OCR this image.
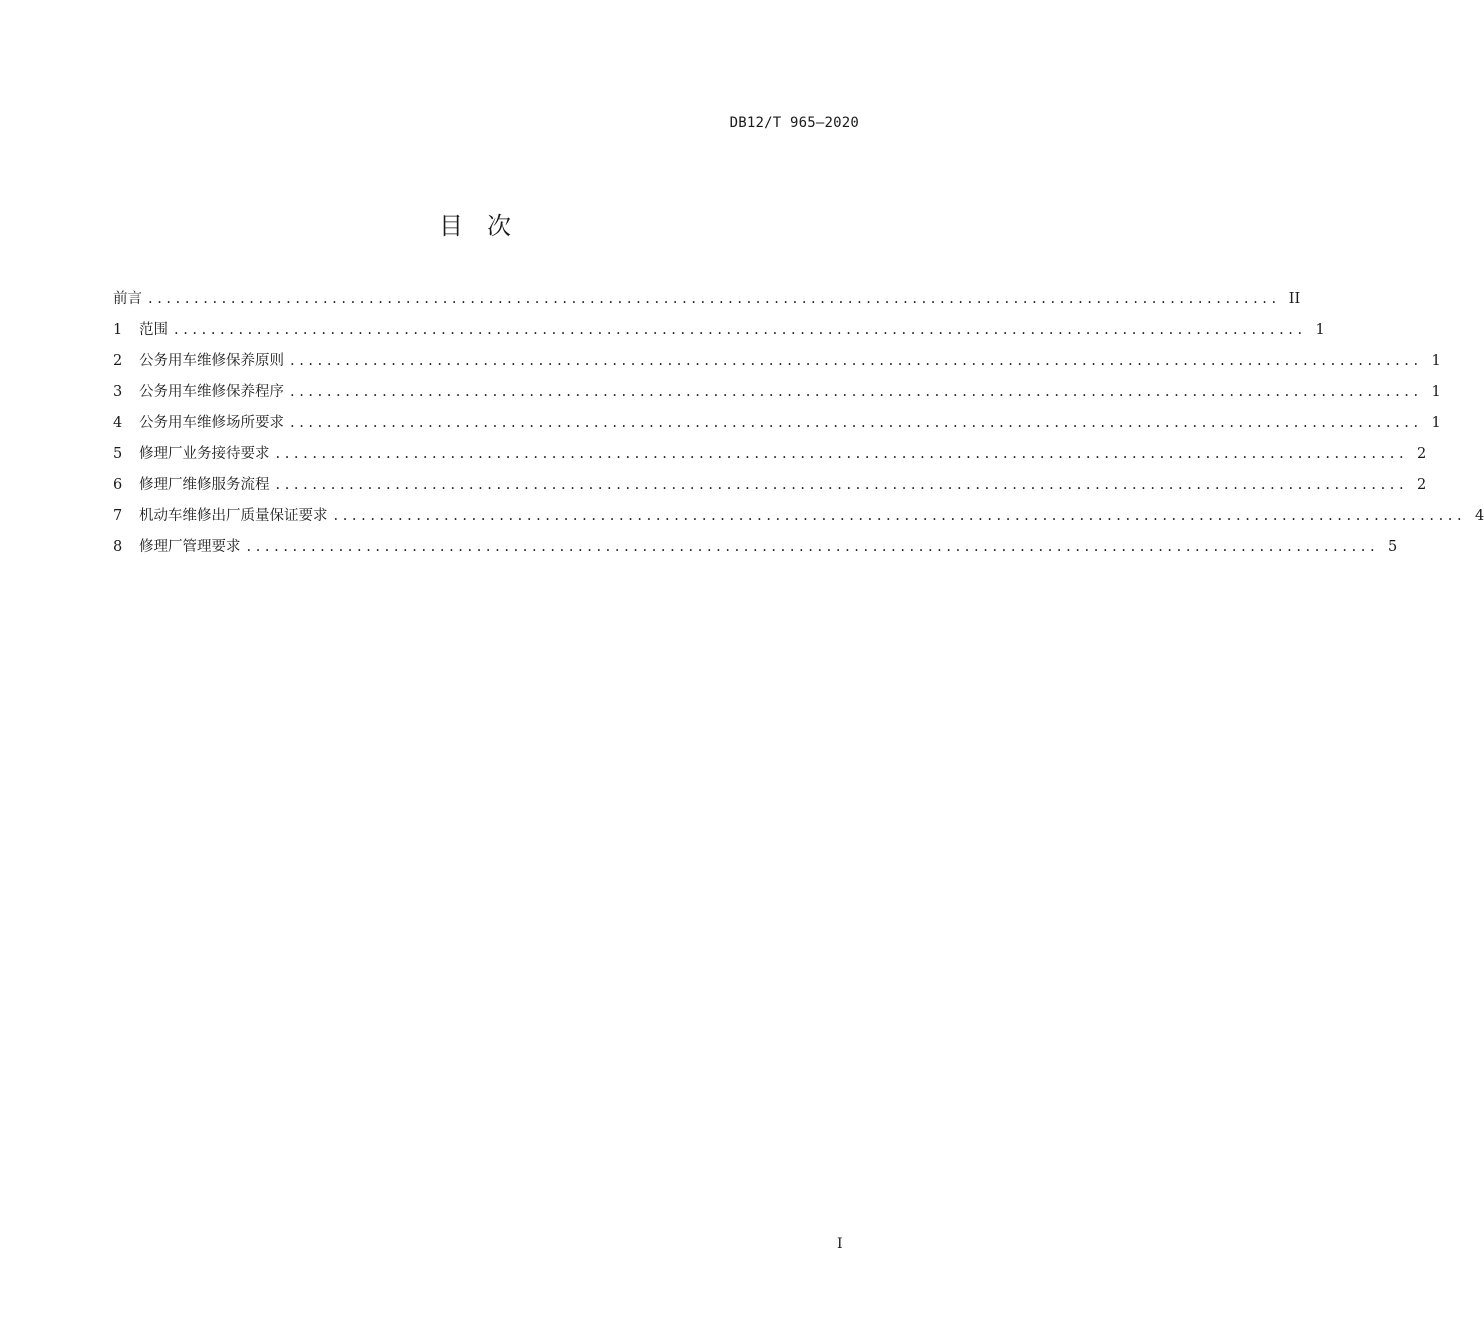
DB12/T 965—2020
目 次
前言 ........................................................................................................................... II
1	范围 ........................................................................................................................... 1
2	公务用车维修保养原则 ........................................................................................................................... 1
3	公务用车维修保养程序 ........................................................................................................................... 1
4	公务用车维修场所要求 ........................................................................................................................... 1
5	修理厂业务接待要求 ........................................................................................................................... 2
6	修理厂维修服务流程 ........................................................................................................................... 2
7	机动车维修出厂质量保证要求 ........................................................................................................................... 4
8	修理厂管理要求 ........................................................................................................................... 5
I
